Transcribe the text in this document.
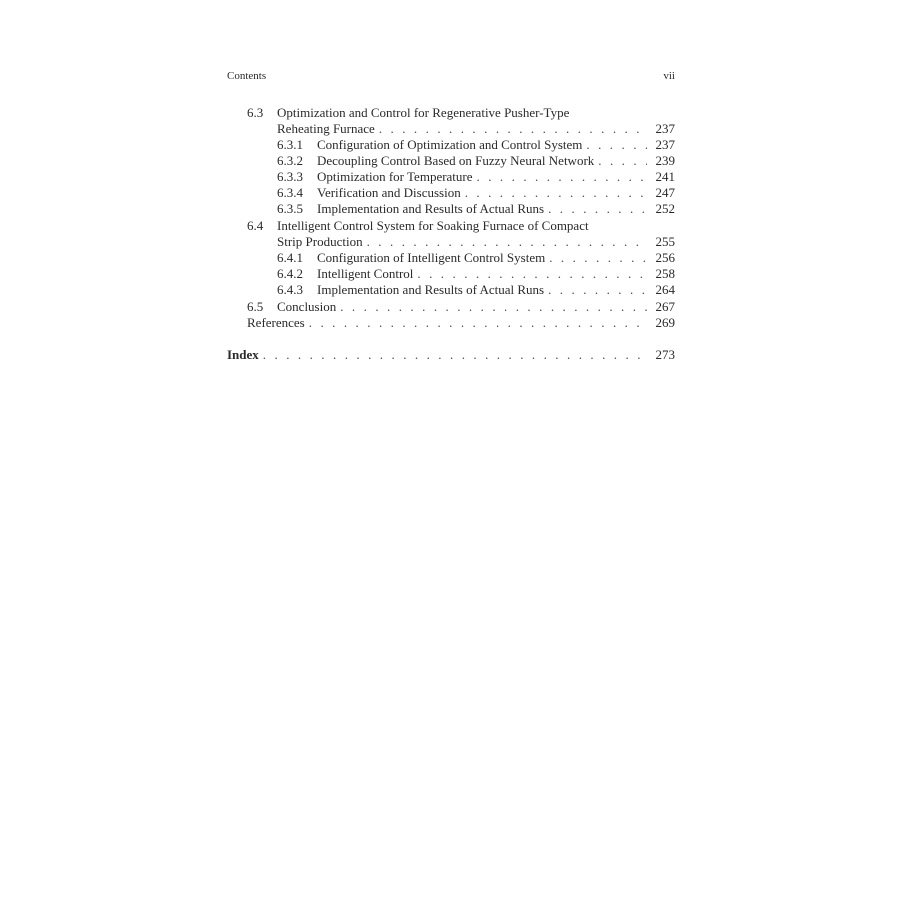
Contents	vii
6.3	Optimization and Control for Regenerative Pusher-Type
Reheating Furnace . . .	237
6.3.1	Configuration of Optimization and Control System . . .	237
6.3.2	Decoupling Control Based on Fuzzy Neural Network . . .	239
6.3.3	Optimization for Temperature . . .	241
6.3.4	Verification and Discussion . . .	247
6.3.5	Implementation and Results of Actual Runs . . .	252
6.4	Intelligent Control System for Soaking Furnace of Compact
Strip Production . . .	255
6.4.1	Configuration of Intelligent Control System . . .	256
6.4.2	Intelligent Control . . .	258
6.4.3	Implementation and Results of Actual Runs . . .	264
6.5	Conclusion . . .	267
References . . .	269
Index . . .	273
